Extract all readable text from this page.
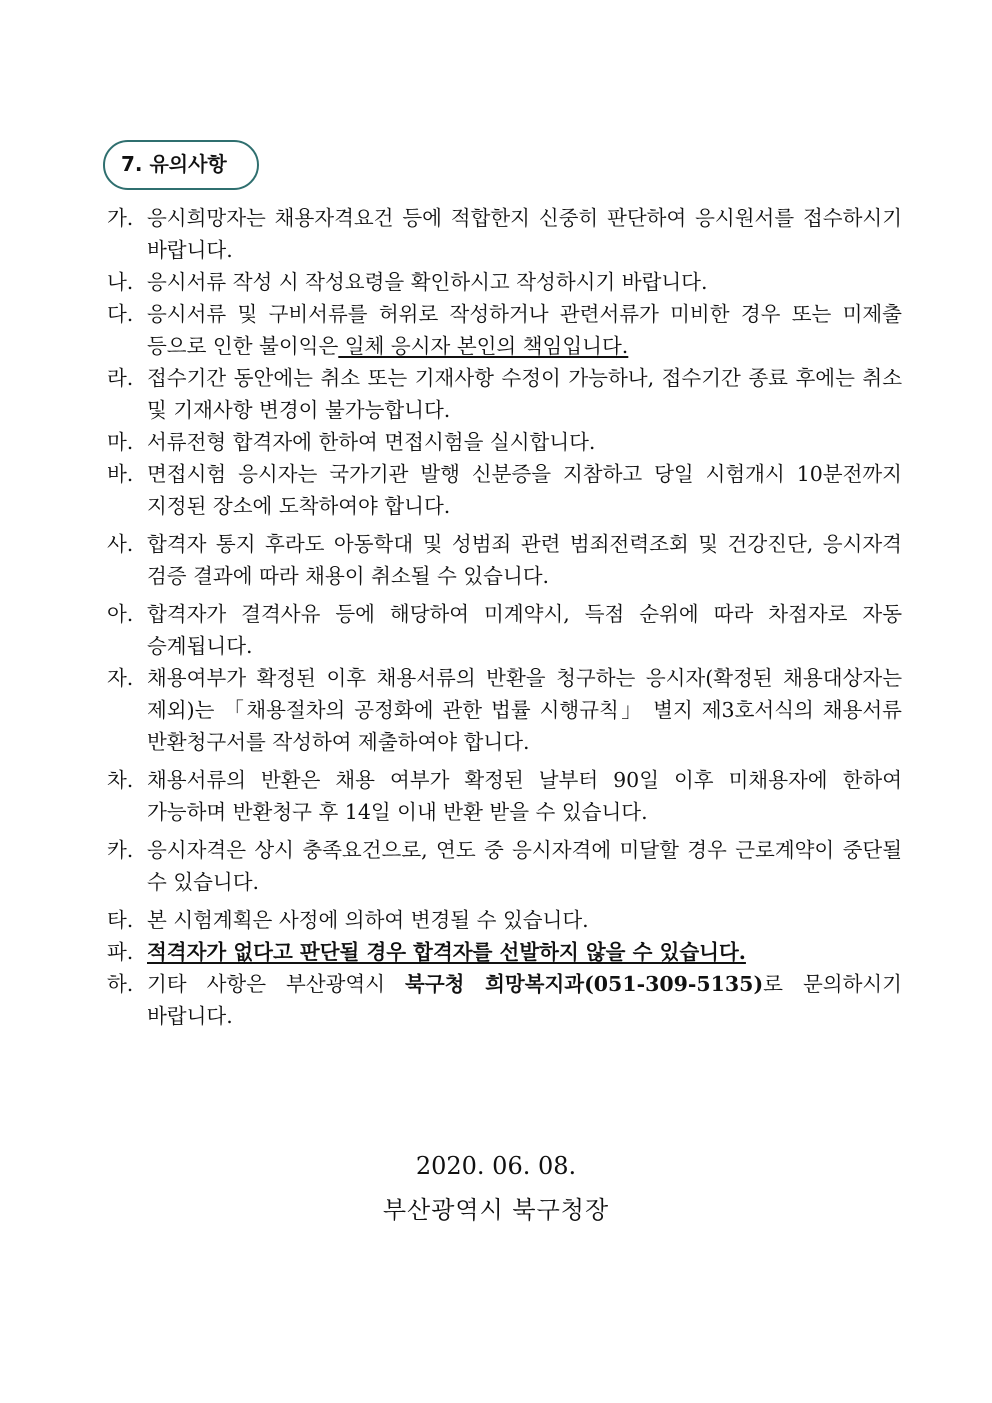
7. 유의사항
가. 응시희망자는 채용자격요건 등에 적합한지 신중히 판단하여 응시원서를 접수하시기 바랍니다.
나. 응시서류 작성 시 작성요령을 확인하시고 작성하시기 바랍니다.
다. 응시서류 및 구비서류를 허위로 작성하거나 관련서류가 미비한 경우 또는 미제출 등으로 인한 불이익은 일체 응시자 본인의 책임입니다.
라. 접수기간 동안에는 취소 또는 기재사항 수정이 가능하나, 접수기간 종료 후에는 취소 및 기재사항 변경이 불가능합니다.
마. 서류전형 합격자에 한하여 면접시험을 실시합니다.
바. 면접시험 응시자는 국가기관 발행 신분증을 지참하고 당일 시험개시 10분전까지 지정된 장소에 도착하여야 합니다.
사. 합격자 통지 후라도 아동학대 및 성범죄 관련 범죄전력조회 및 건강진단, 응시자격 검증 결과에 따라 채용이 취소될 수 있습니다.
아. 합격자가 결격사유 등에 해당하여 미계약시, 득점 순위에 따라 차점자로 자동 승계됩니다.
자. 채용여부가 확정된 이후 채용서류의 반환을 청구하는 응시자(확정된 채용대상자는 제외)는 「채용절차의 공정화에 관한 법률 시행규칙」 별지 제3호서식의 채용서류 반환청구서를 작성하여 제출하여야 합니다.
차. 채용서류의 반환은 채용 여부가 확정된 날부터 90일 이후 미채용자에 한하여 가능하며 반환청구 후 14일 이내 반환 받을 수 있습니다.
카. 응시자격은 상시 충족요건으로, 연도 중 응시자격에 미달할 경우 근로계약이 중단될 수 있습니다.
타. 본 시험계획은 사정에 의하여 변경될 수 있습니다.
파. 적격자가 없다고 판단될 경우 합격자를 선발하지 않을 수 있습니다.
하. 기타 사항은 부산광역시 북구청 희망복지과(051-309-5135)로 문의하시기 바랍니다.
2020. 06. 08.
부산광역시 북구청장
